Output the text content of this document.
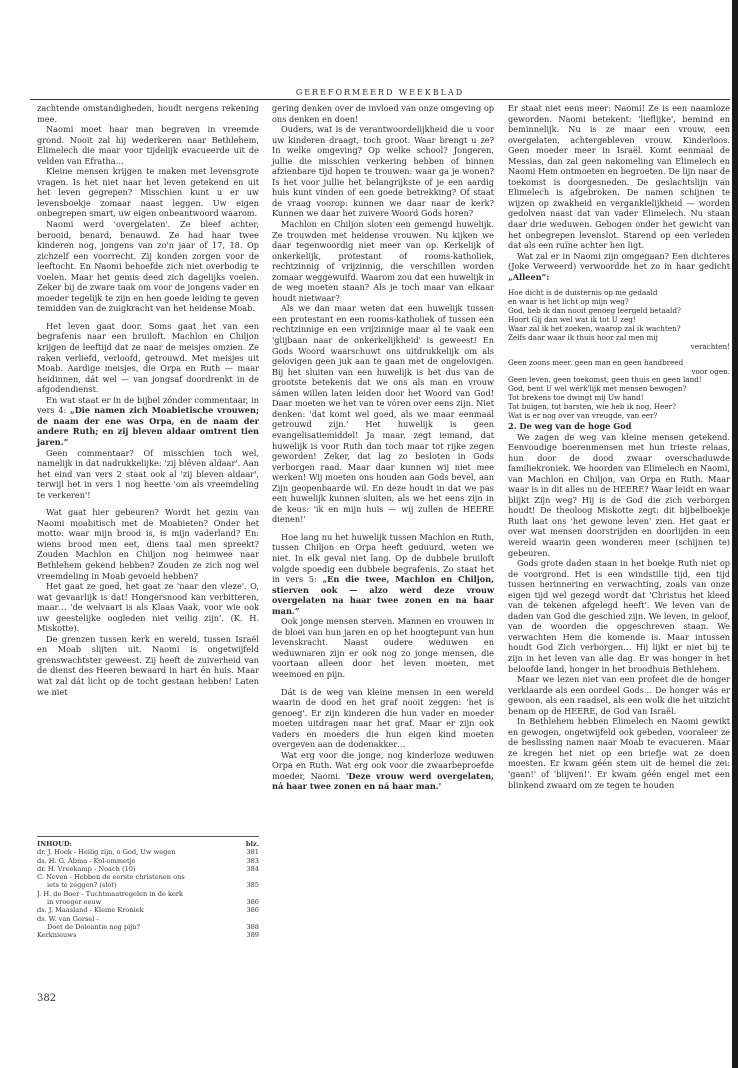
GEREFORMEERD WEEKBLAD

zachtende omstandigheden, houdt nergens rekening mee.

Naomi moet haar man begraven in vreemde grond. Nooit zal hij wederkeren naar Bethlehem, Elimelech die maar voor tijdelijk evacueerde uit de velden van Efratha…

Kleine mensen krijgen te maken met levensgrote vragen. Is het niet naar het leven getekend en uit het leven gegrepen? Misschien kunt u er uw levensboekje zomaar naast leggen. Uw eigen onbegrepen smart, uw eigen onbeantwoord waarom.

Naomi werd 'overgelaten'. Ze bleef achter, berooid, benard, benauwd. Ze had haar twee kinderen nog, jongens van zo'n jaar of 17, 18. Op zichzelf een voorrecht. Zij konden zorgen voor de leeftocht. En Naomi behoefde zich niet overbodig te voelen. Maar het gemis deed zich dagelijks voelen. Zeker bij de zware taak om voor de jongens vader en moeder tegelijk te zijn en hen goede leiding te geven temidden van de zuigkracht van het heidense Moab.

Het leven gaat door. Soms gaat het van een begrafenis naar een bruiloft. Machlon en Chiljon krijgen de leeftijd dat ze naar de meisjes omzien. Ze raken verliefd, verloofd, getrouwd. Met meisjes uit Moab. Aardige meisjes, die Orpa en Ruth — maar heidinnen, dát wel — van jongsaf doordrenkt in de afgodendienst.

En wat staat er in de bijbel zónder commentaar, in vers 4: „Die namen zich Moabietische vrouwen; de naam der ene was Orpa, en de naam der andere Ruth; en zij bleven aldaar omtrent tien jaren.”

Geen commentaar? Of misschien toch wel, namelijk in dat nadrukkelijke: 'zij bléven aldaar'. Aan het eind van vers 2 staat ook al 'zij bleven aldaar', terwijl het in vers 1 nog heette 'om als vreemdeling te verkeren'!

Wat gaat hier gebeuren? Wordt het gezin van Naomi moabitisch met de Moabieten? Onder het motto: waar mijn brood is, is mijn vaderland? En: wiens brood men eet, diens taal men spreekt? Zouden Machlon en Chiljon nog heimwee naar Bethlehem gekend hebben? Zouden ze zich nog wel vreemdeling in Moab gevoeld hebben?

Het gaat ze goed, het gaat ze 'naar den vleze'. O, wat gevaarlijk is dat! Hongersnood kan verbitteren, maar… 'de welvaart is als Klaas Vaak, voor wie ook uw geestelijke oogleden niet veilig zijn'. (K. H. Miskotte).

De grenzen tussen kerk en wereld, tussen Israël en Moab slijten uit. Naomi is ongetwijfeld grenswachtster geweest. Zij heeft de zuiverheid van de dienst des Heeren bewaard in hart én huis. Maar wat zal dát licht op de tocht gestaan hebben! Laten we niet

INHOUD:	blz.
dr. J. Hoek - Heilig zijn, o God, Uw wegen	381
ds. H. G. Abma - Kol-ommetje	383
dr. H. Vreekamp - Noach (10)	384
C. Neven - Hebben de eerste christenen ons
iets te zeggen? (slot)	385
J. H. de Boer - Tuchtmaatregelen in de kerk
in vroeger eeuw	386
ds. J. Maasland - Kleine Kroniek	386
ds. W. van Gorsel -
Doet de Doleantie nog pijn?	388
Kerknieuws	389
382

gering denken over de invloed van onze omgeving op ons denken en doen!

Ouders, wat is de verantwoordelijkheid die u voor uw kinderen draagt, toch groot. Waar brengt u ze? In welke omgeving? Op welke school? Jongeren, jullie die misschien verkering hebben of binnen afzienbare tijd hopen te trouwen: waar ga je wonen? Is het voor jullie het belangrijkste of je een aardig huis kunt vinden of een goede betrekking? Of staat de vraag voorop: kunnen we daar naar de kerk? Kunnen we daar het zuivere Woord Gods horen?

Machlon en Chiljon sloten een gemengd huwelijk. Ze trouwden met heidense vrouwen. Nu kijken we daar tegenwoordig niet meer van op. Kerkelijk of onkerkelijk, protestant of rooms-katholiek, rechtzinnig of vrijzinnig, die verschillen worden zomaar weggewuifd. Waarom zou dat een huwelijk in de weg moeten staan? Als je toch maar van elkaar houdt nietwaar?

Als we dan maar weten dat een huwelijk tussen een protestant en een rooms-katholiek of tussen een rechtzinnige en een vrijzinnige maar al te vaak een 'glijbaan naar de onkerkelijkheid' is geweest! En Gods Woord waarschuwt ons uitdrukkelijk om als gelovigen geen juk aan te gaan met de ongelovigen. Bij het sluiten van een huwelijk is het dus van de grootste betekenis dat we ons als man en vrouw sámen willen laten leiden door het Woord van God! Daar moeten we het van te vóren over eens zijn. Niet denken: 'dat komt wel goed, als we maar eenmaal getrouwd zijn.' Het huwelijk is geen evangelisatiemiddel! Ja maar, zegt iemand, dat huwelijk is voor Ruth dan toch maar tot rijke zegen geworden! Zeker, dat lag zo besloten in Gods verborgen raad. Maar daar kunnen wij niet mee werken! Wij moeten ons houden aan Gods bevel, aan Zijn geopenbaarde wil. En deze houdt in dat we pas een huwelijk kunnen sluiten, als we het eens zijn in de keus: 'ik en mijn huis — wij zullen de HEERE dienen!'

Hoe lang nu het huwelijk tussen Machlon en Ruth, tussen Chiljon en Orpa heeft geduurd, weten we niet. In elk geval niet lang. Op de dubbele bruiloft volgde spoedig een dubbele begrafenis. Zo staat het in vers 5: „En die twee, Machlon en Chiljon, stierven ook — alzo werd deze vrouw overgelaten na haar twee zonen en na haar man.”

Ook jonge mensen sterven. Mannen en vrouwen in de bloei van hun jaren en op het hoogtepunt van hun levenskracht. Naast oudere weduwen en weduwnaren zijn er ook nog zo jonge mensen, die voortaan alleen door het leven moeten, met weemoed en pijn.

Dát is de weg van kleine mensen in een wereld waarin de dood en het graf nooit zeggen: 'het is genoeg'. Er zijn kinderen die hun vader en moeder moeten uitdragen naar het graf. Maar er zijn ook vaders en moeders die hun eigen kind moeten overgeven aan de dodenakker…

Wat erg voor die jonge, nog kinderloze weduwen Orpa en Ruth. Wat erg ook voor die zwaarbeproefde moeder, Naomi. 'Deze vrouw werd overgelaten, ná haar twee zonen en ná haar man.'

Er staat niet eens meer: Naomi! Ze is een naamloze geworden. Naomi betekent: 'lieflijke', bemind en beminnelijk. Nu is ze maar een vrouw, een overgelaten, achtergebleven vrouw. Kinderloos. Geen moeder meer in Israël. Komt eenmaal de Messias, dan zal geen nakomeling van Elimelech en Naomi Hem ontmoeten en begroeten. De lijn naar de toekomst is doorgesneden. De geslachtslijn van Elimelech is afgebroken. De namen schijnen te wijzen op zwakheid en verganklelijkheid — worden gedolven naast dat van vader Elimelech. Nu staan daar drie weduwen. Gebogen onder het gewicht van het onbegrepen levenslot. Starend op een verleden dat als een ruïne achter hen ligt.

Wat zal er in Naomi zijn omgegaan? Een dichteres (Joke Verweerd) verwoordde het zo in haar gedicht „Alleen”:

Hoe dicht is de duisternis op me gedaald
en waar is het licht op mijn weg?
God, heb ik dan nooit genoeg leergeld betaald?
Hoort Gij dan wel wat ik tot U zeg!
Waar zal ik het zoeken, waarop zal ik wachten?
Zelfs daar waar ik thuis hoor zal men mij
verachten!
Geen zoons meer, geen man en geen handbreed
voor ogen.
Geen leven, geen toekomst, geen thuis en geen land!
God, bent U wel wérk'lijk met mensen bewogen?
Tot brekens toe dwingt mij Uw hand!
Tot buigen, tot barsten, wie heb ik nog, Heer?
Wat is er nog over van vreugde, van eer?

2. De weg van de hoge God

We zagen de weg van kleine mensen getekend. Eenvoudige boerenmensen met hun trieste relaas, hun door de dood zwaar overschaduwde familiekroniek. We hoorden van Elimelech en Naomi, van Machlon en Chiljon, van Orpa en Ruth. Maar waar is in dit alles nu de HEERE? Waar leidt en waar blijkt Zijn weg? Hij is de God die zich verborgen houdt! De theoloog Miskotte zegt: dit bijbelboekje Ruth laat ons 'het gewone leven' zien. Het gaat er over wat mensen doorstrijden en doorlijden in een wereld waarin geen wonderen meer (schijnen te) gebeuren.

Gods grote daden staan in het boekje Ruth niet op de voorgrond. Het is een windstille tijd, een tijd tussen herinnering en verwachting, zoals van onze eigen tijd wel gezegd wordt dat 'Christus het kleed van de tekenen afgelegd heeft'. We leven van de daden van God die geschied zijn. We leven, in geloof, van de woorden die opgeschreven staan. We verwachten Hem die komende is. Maar intussen houdt God Zich verborgen… Hij lijkt er niet bij te zijn in het leven van alle dag. Er was honger in het beloofde land, honger in het broodhuis Bethlehem.

Maar we lezen niet van een profeet die de honger verklaarde als een oordeel Gods… De honger wás er gewoon, als een raadsel, als een wolk die het uitzicht benam op de HEERE, de God van Israël.

In Bethlehem hebben Elimelech en Naomi gewikt en gewogen, ongetwijfeld ook gebeden, vooraleer ze de beslissing namen naar Moab te evacueren. Maar ze kregen het niet op een briefje wat ze doen moesten. Er kwam géén stem uit de hemel die zei: 'gaan!' of 'blijven!'. Er kwam géén engel met een blinkend zwaard om ze tegen te houden
